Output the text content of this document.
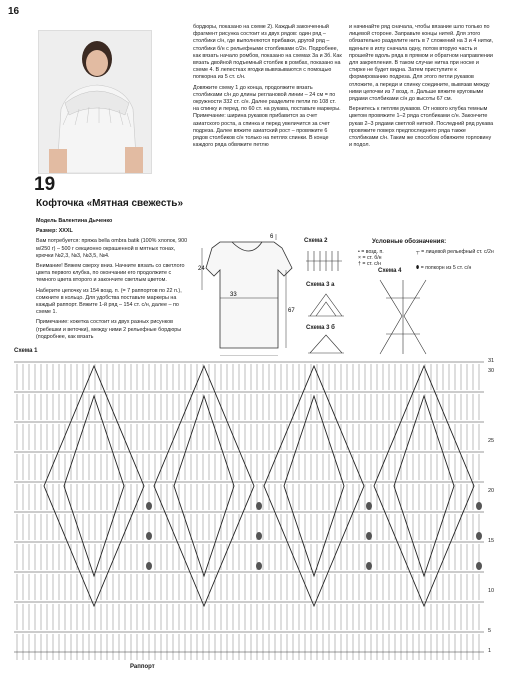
16
19
Кофточка «Мятная свежесть»

Модель Валентина Дыченко

Размер: XXXL

Вам потребуется: пряжа bella ombra batik (100% хлопок, 900 м/250 г) – 500 г секционно окрашенной в мятных тонах, крючки №2,3, №3, №3,5, №4.

Внимание! Вяжем сверху вниз. Начните вязать со светлого цвета первого клубка, по окончании его продолжите с темного цвета второго и закончите светлым цветом.

Наберите цепочку из 154 возд. п. (= 7 раппортов по 22 п.), сомкните в кольцо. Для удобства поставьте маркеры на каждый раппорт. Вяжите 1-й ряд – 154 ст. с/н, далее – по схеме 1.

Примечание: кокетка состоит из двух разных рисунков (гребешки и веточки), между ними 2 рельефные бордюры (подробнее, как вязать

бордюры, показано на схеме 2). Каждый законченный фрагмент рисунка состоит из двух рядов: один ряд – столбики с/н, где выполняются прибавки, другой ряд – столбики б/н с рельефными столбиками с/2н. Подробнее, как вязать начало ромбов, показано на схемах 3а и 3б. Как вязать двойной подъемный столбик в ромбах, показано на схеме 4. В лепестках ягодки вывязываются с помощью попкорна из 5 ст. с/н.

Довяжите схему 1 до конца, продолжите вязать столбиками с/н до длины реглановой линии – 24 см = по окружности 332 ст. с/н. Далее разделите петли по 108 ст. на спинку и перед, по 60 ст. на рукава, поставьте маркеры. Примечание: ширина рукавов прибавится за счет азиатского роста, а спинка и перед увеличится за счет подреза. Далее вяжите азиатский рост – провяжите 6 рядов столбиков с/н только на петлях спинки. В конце каждого ряда обвяжите петлю

и начинайте ряд сначала, чтобы вязание шло только по лицевой стороне. Заправьте концы нитей. Для этого обязательно разделите нить в 7 сложений на 3 и 4 нитки, вденьте в иглу сначала одну, потом вторую часть и прошейте вдоль ряда в прямом и обратном направлении для закрепления. В таком случае нитка при носке и стирке не будет видна. Затем приступите к формированию подреза. Для этого петли рукавов отложите, а переди и спинку соедините, вывязав между ними цепочки из 7 возд. п. Дальше вяжите круговыми рядами столбиками с/н до высоты 67 см.

Вернитесь к петлям рукавов. От нового клубка темным цветом провяжите 1–2 ряда столбиками с/н. Закончите рукав 2–3 рядами светлой ниткой. Последний ряд рукава провяжите поверх предпоследнего ряда также столбиками с/н. Таким же способом обвяжите горловину и подол.

6
24
33
67
Схема 2
Схема 3 а
Схема 3 б
Условные обозначения:
• = возд. п.
× = ст. б/н
† = ст. с/н
┬ = лицевой рельефный ст. с/2н
⬮ = попкорн из 5 ст. с/н
Схема 4
Схема 1
31
30
25
20
15
10
5
1
Раппорт
